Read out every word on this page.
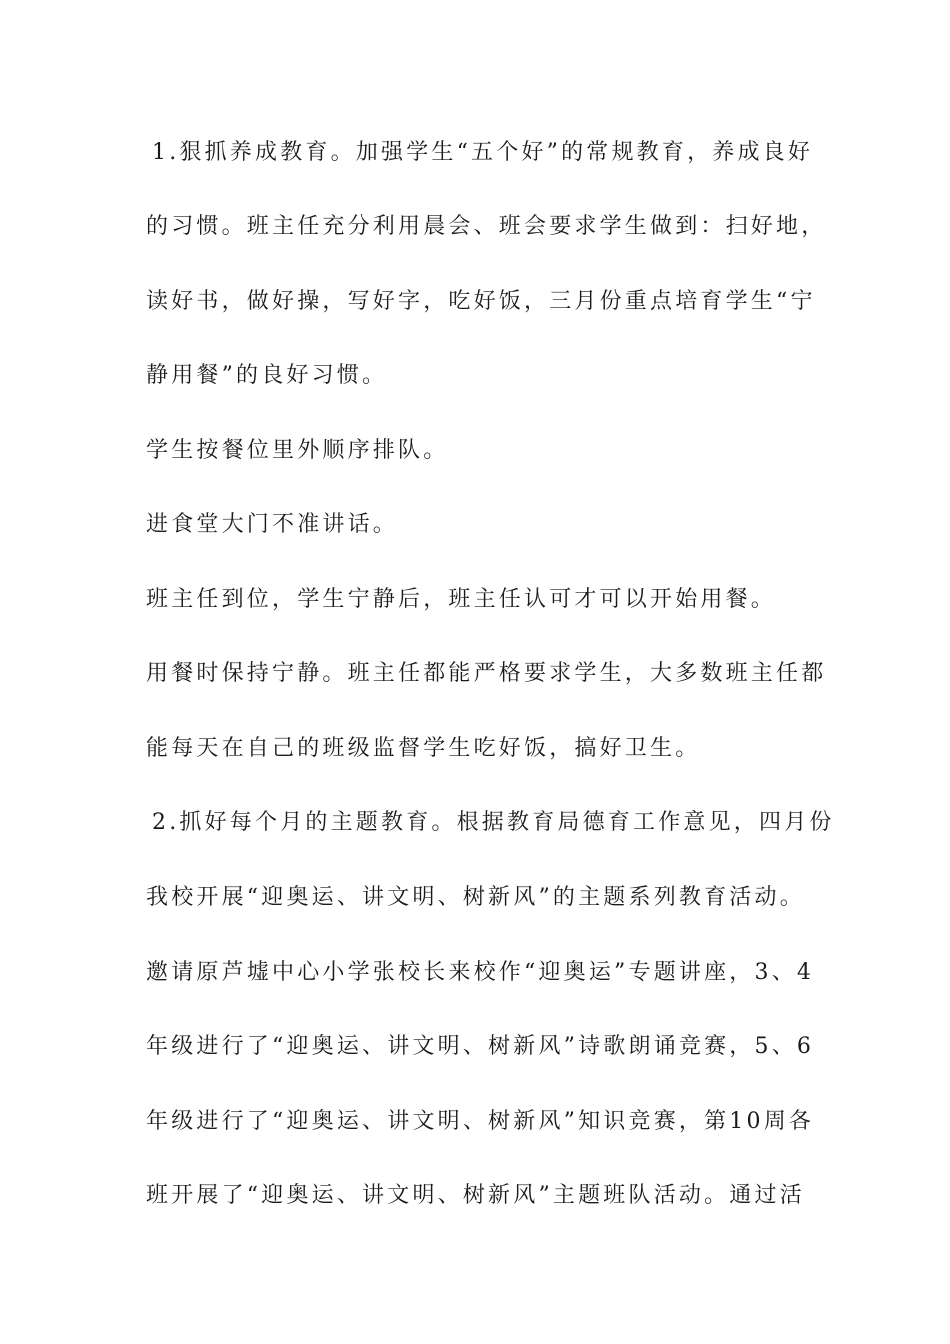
1.狠抓养成教育。加强学生“五个好”的常规教育，养成良好
的习惯。班主任充分利用晨会、班会要求学生做到：扫好地，
读好书，做好操，写好字，吃好饭，三月份重点培育学生“宁
静用餐”的良好习惯。
学生按餐位里外顺序排队。
进食堂大门不准讲话。
班主任到位，学生宁静后，班主任认可才可以开始用餐。
用餐时保持宁静。班主任都能严格要求学生，大多数班主任都
能每天在自己的班级监督学生吃好饭，搞好卫生。
2.抓好每个月的主题教育。根据教育局德育工作意见，四月份
我校开展“迎奥运、讲文明、树新风”的主题系列教育活动。
邀请原芦墟中心小学张校长来校作“迎奥运”专题讲座，3、4
年级进行了“迎奥运、讲文明、树新风”诗歌朗诵竞赛，5、6
年级进行了“迎奥运、讲文明、树新风”知识竞赛，第10周各
班开展了“迎奥运、讲文明、树新风”主题班队活动。通过活
